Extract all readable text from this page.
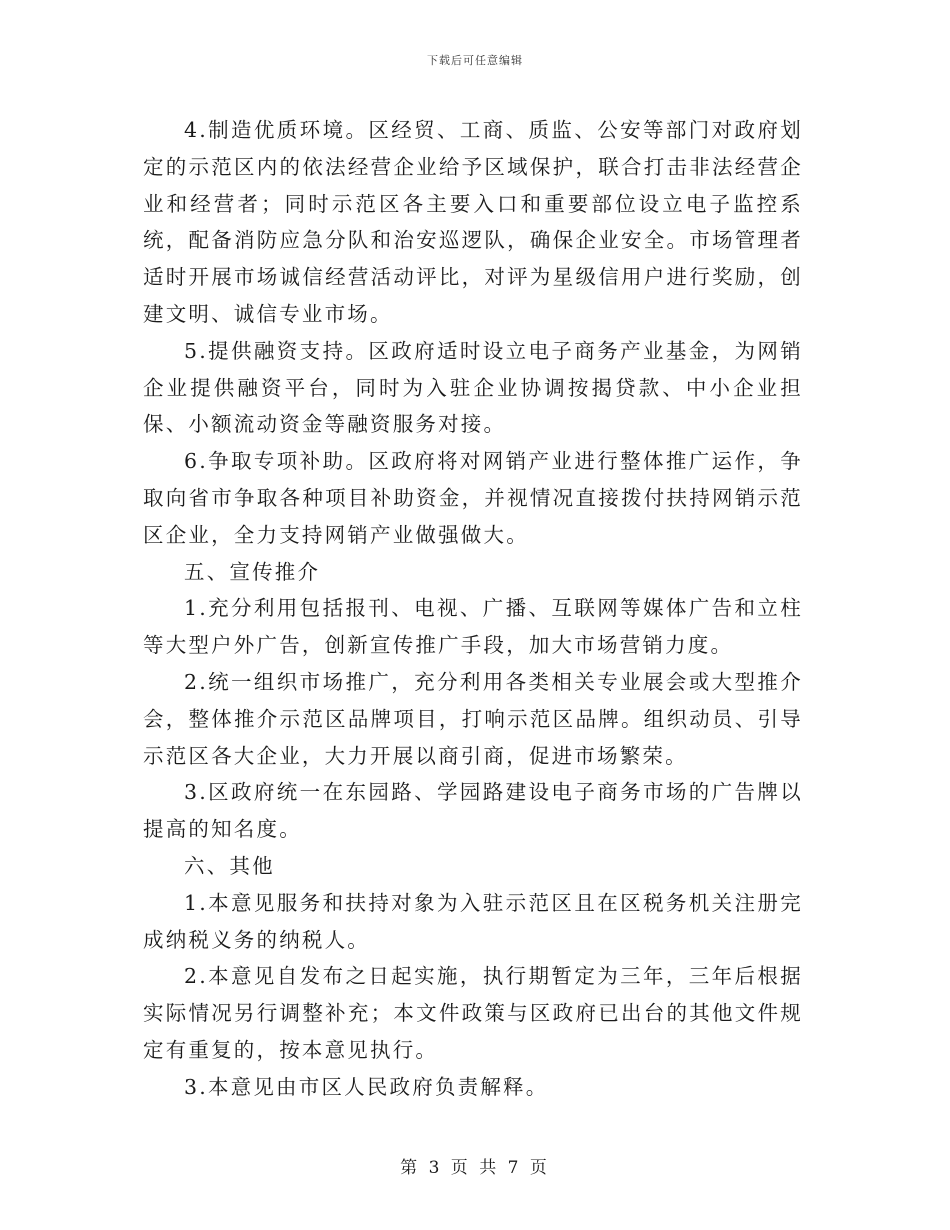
下载后可任意编辑

4.制造优质环境。区经贸、工商、质监、公安等部门对政府划定的示范区内的依法经营企业给予区域保护，联合打击非法经营企业和经营者；同时示范区各主要入口和重要部位设立电子监控系统，配备消防应急分队和治安巡逻队，确保企业安全。市场管理者适时开展市场诚信经营活动评比，对评为星级信用户进行奖励，创建文明、诚信专业市场。

5.提供融资支持。区政府适时设立电子商务产业基金，为网销企业提供融资平台，同时为入驻企业协调按揭贷款、中小企业担保、小额流动资金等融资服务对接。

6.争取专项补助。区政府将对网销产业进行整体推广运作，争取向省市争取各种项目补助资金，并视情况直接拨付扶持网销示范区企业，全力支持网销产业做强做大。

五、宣传推介

1.充分利用包括报刊、电视、广播、互联网等媒体广告和立柱等大型户外广告，创新宣传推广手段，加大市场营销力度。

2.统一组织市场推广，充分利用各类相关专业展会或大型推介会，整体推介示范区品牌项目，打响示范区品牌。组织动员、引导示范区各大企业，大力开展以商引商，促进市场繁荣。

3.区政府统一在东园路、学园路建设电子商务市场的广告牌以提高的知名度。

六、其他

1.本意见服务和扶持对象为入驻示范区且在区税务机关注册完成纳税义务的纳税人。

2.本意见自发布之日起实施，执行期暂定为三年，三年后根据实际情况另行调整补充；本文件政策与区政府已出台的其他文件规定有重复的，按本意见执行。

3.本意见由市区人民政府负责解释。

第 3 页 共 7 页
